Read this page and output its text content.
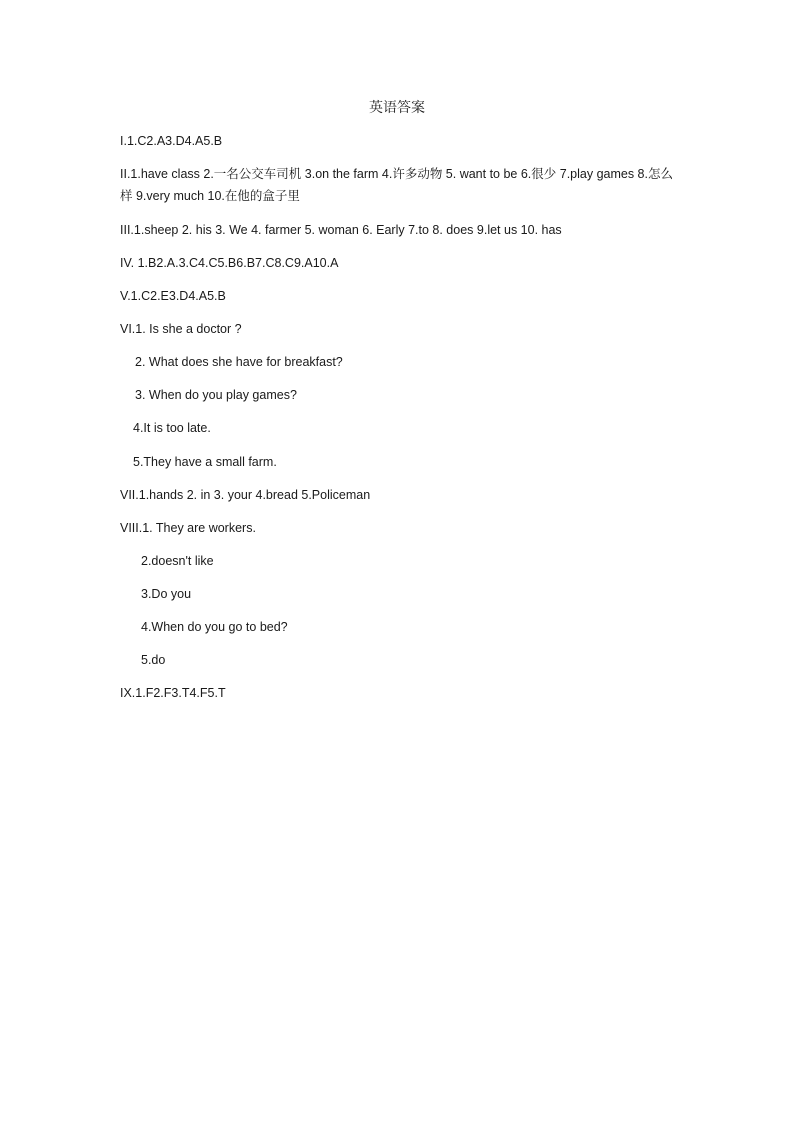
英语答案
I.1.C2.A3.D4.A5.B
II.1.have class 2.一名公交车司机 3.on the farm 4.许多动物 5. want to be 6.很少 7.play games 8.怎么样 9.very much 10.在他的盒子里
III.1.sheep 2. his 3. We 4. farmer 5. woman 6. Early 7.to 8. does 9.let us 10. has
IV. 1.B2.A.3.C4.C5.B6.B7.C8.C9.A10.A
V.1.C2.E3.D4.A5.B
VI.1. Is she a doctor ?
2. What does she have for breakfast?
3. When do you play games?
4.It is too late.
5.They have a small farm.
VII.1.hands 2. in 3. your 4.bread 5.Policeman
VIII.1. They are workers.
2.doesn't like
3.Do you
4.When do you go to bed?
5.do
IX.1.F2.F3.T4.F5.T
